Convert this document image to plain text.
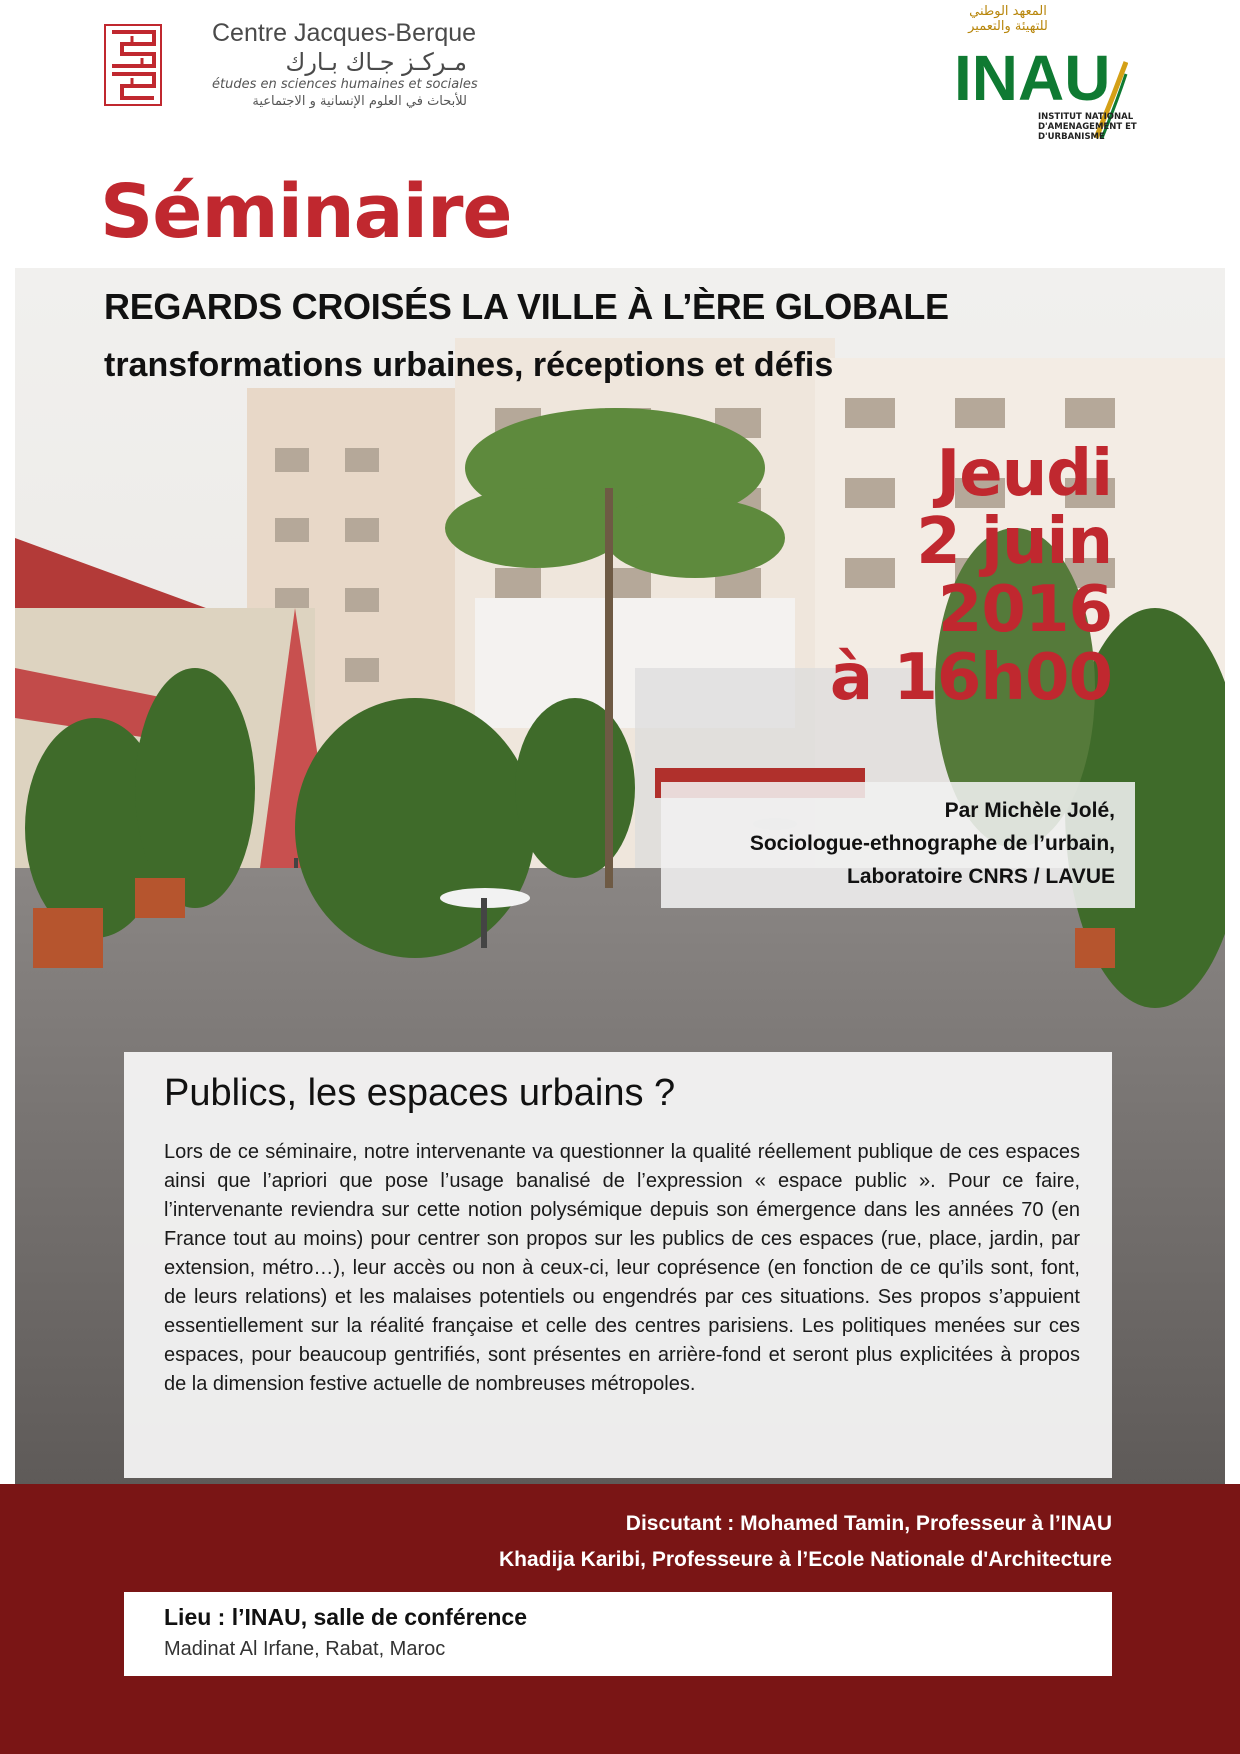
Centre Jacques-Berque
مـركـز جـاك بـارك
études en sciences humaines et sociales
للأبحاث في العلوم الإنسانية و الاجتماعية
المعهد الوطني للتهيئة والتعمير
INAU
INSTITUT NATIONAL D'AMENAGEMENT ET D'URBANISME
Séminaire
REGARDS CROISÉS LA VILLE À L’ÈRE GLOBALE
transformations urbaines, réceptions et défis
Jeudi
2 juin
2016
à 16h00
Par Michèle Jolé,
Sociologue-ethnographe de l’urbain,
Laboratoire CNRS / LAVUE
Publics, les espaces urbains ?
Lors de ce séminaire, notre intervenante va questionner la qualité réellement publique de ces espaces ainsi que l’apriori que pose l’usage banalisé de l’expression « espace public ». Pour ce faire, l’intervenante reviendra sur cette notion polysémique depuis son émergence dans les années 70 (en France tout au moins) pour centrer son propos sur les publics de ces espaces (rue, place, jardin, par extension, métro…), leur accès ou non à ceux-ci, leur coprésence (en fonction de ce qu’ils sont, font, de leurs relations) et les malaises potentiels ou engendrés par ces situations. Ses propos s’appuient essentiellement sur la réalité française et celle des centres parisiens. Les politiques menées sur ces espaces, pour beaucoup gentrifiés, sont présentes en arrière-fond et seront plus explicitées à propos de la dimension festive actuelle de nombreuses métropoles.
Discutant : Mohamed Tamin, Professeur à l’INAU
Khadija Karibi, Professeure à l’Ecole Nationale d'Architecture
Lieu : l’INAU, salle de conférence
Madinat Al Irfane, Rabat, Maroc
